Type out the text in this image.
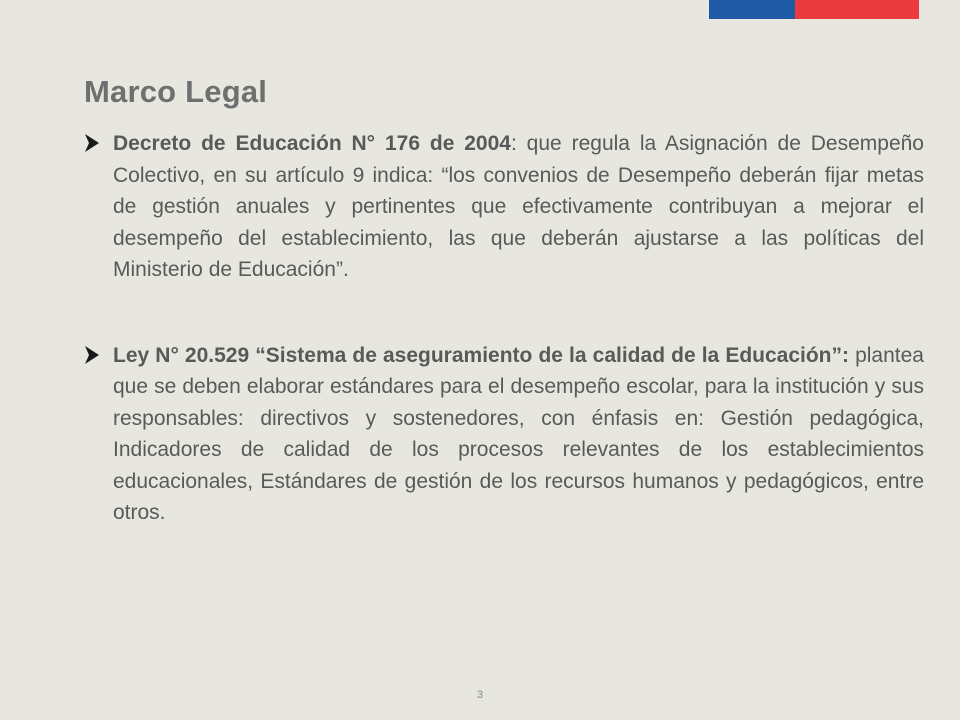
Marco Legal
Decreto de Educación N° 176 de 2004: que regula la Asignación de Desempeño Colectivo, en su artículo 9 indica: “los convenios de Desempeño deberán fijar metas de gestión anuales y pertinentes que efectivamente contribuyan a mejorar el desempeño del establecimiento, las que deberán ajustarse a las políticas del Ministerio de Educación”.
Ley N° 20.529 “Sistema de aseguramiento de la calidad de la Educación”: plantea que se deben elaborar estándares para el desempeño escolar, para la institución y sus responsables: directivos y sostenedores, con énfasis en: Gestión pedagógica, Indicadores de calidad de los procesos relevantes de los establecimientos educacionales, Estándares de gestión de los recursos humanos y pedagógicos, entre otros.
3
